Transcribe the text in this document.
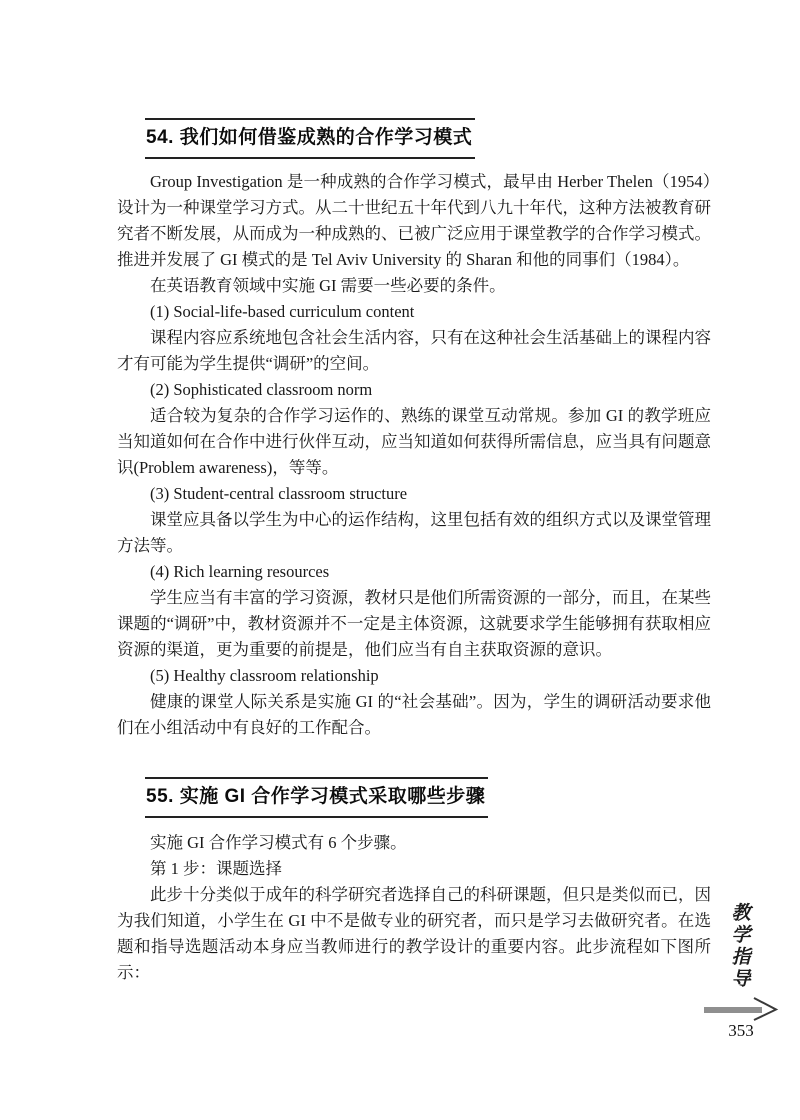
54. 我们如何借鉴成熟的合作学习模式

Group Investigation 是一种成熟的合作学习模式，最早由 Herber Thelen（1954）设计为一种课堂学习方式。从二十世纪五十年代到八九十年代，这种方法被教育研究者不断发展，从而成为一种成熟的、已被广泛应用于课堂教学的合作学习模式。推进并发展了 GI 模式的是 Tel Aviv University 的 Sharan 和他的同事们（1984）。

在英语教育领域中实施 GI 需要一些必要的条件。

(1) Social-life-based curriculum content

课程内容应系统地包含社会生活内容，只有在这种社会生活基础上的课程内容才有可能为学生提供“调研”的空间。

(2) Sophisticated classroom norm

适合较为复杂的合作学习运作的、熟练的课堂互动常规。参加 GI 的教学班应当知道如何在合作中进行伙伴互动，应当知道如何获得所需信息，应当具有问题意识(Problem awareness)，等等。

(3) Student-central classroom structure

课堂应具备以学生为中心的运作结构，这里包括有效的组织方式以及课堂管理方法等。

(4) Rich learning resources

学生应当有丰富的学习资源，教材只是他们所需资源的一部分，而且，在某些课题的“调研”中，教材资源并不一定是主体资源，这就要求学生能够拥有获取相应资源的渠道，更为重要的前提是，他们应当有自主获取资源的意识。

(5) Healthy classroom relationship

健康的课堂人际关系是实施 GI 的“社会基础”。因为，学生的调研活动要求他们在小组活动中有良好的工作配合。

55. 实施 GI 合作学习模式采取哪些步骤

实施 GI 合作学习模式有 6 个步骤。

第 1 步：课题选择

此步十分类似于成年的科学研究者选择自己的科研课题，但只是类似而已，因为我们知道，小学生在 GI 中不是做专业的研究者，而只是学习去做研究者。在选题和指导选题活动本身应当教师进行的教学设计的重要内容。此步流程如下图所示：

教
学
指
导
353
